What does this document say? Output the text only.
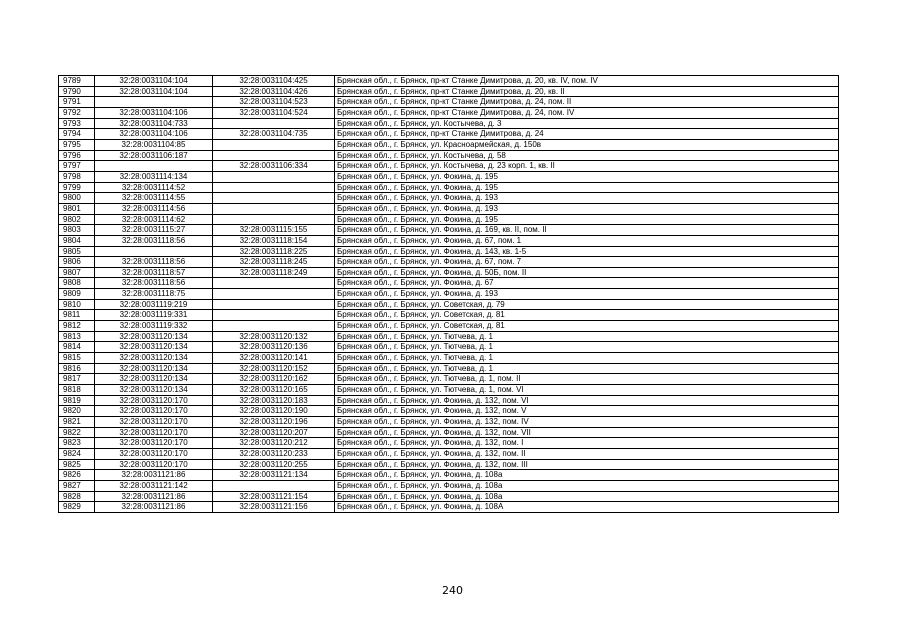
9789	32:28:0031104:104	32:28:0031104:425	Брянская обл., г. Брянск, пр-кт Станке Димитрова, д. 20, кв. IV, пом. IV
9790	32:28:0031104:104	32:28:0031104:426	Брянская обл., г. Брянск, пр-кт Станке Димитрова, д. 20, кв. II
9791		32:28:0031104:523	Брянская обл., г. Брянск, пр-кт Станке Димитрова, д. 24, пом. II
9792	32:28:0031104:106	32:28:0031104:524	Брянская обл., г. Брянск, пр-кт Станке Димитрова, д. 24, пом. IV
9793	32:28:0031104:733		Брянская обл., г. Брянск, ул. Костычева, д. 3
9794	32:28:0031104:106	32:28:0031104:735	Брянская обл., г. Брянск, пр-кт Станке Димитрова, д. 24
9795	32:28:0031104:85		Брянская обл., г. Брянск, ул. Красноармейская, д. 150в
9796	32:28:0031106:187		Брянская обл., г. Брянск, ул. Костычева, д. 58
9797		32:28:0031106:334	Брянская обл., г. Брянск, ул. Костычева, д. 23 корп. 1, кв. II
9798	32:28:0031114:134		Брянская обл., г. Брянск, ул. Фокина, д. 195
9799	32:28:0031114:52		Брянская обл., г. Брянск, ул. Фокина, д. 195
9800	32:28:0031114:55		Брянская обл., г. Брянск, ул. Фокина, д. 193
9801	32:28:0031114:56		Брянская обл., г. Брянск, ул. Фокина, д. 193
9802	32:28:0031114:62		Брянская обл., г. Брянск, ул. Фокина, д. 195
9803	32:28:0031115:27	32:28:0031115:155	Брянская обл., г. Брянск, ул. Фокина, д. 169, кв. II, пом. II
9804	32:28:0031118:56	32:28:0031118:154	Брянская обл., г. Брянск, ул. Фокина, д. 67, пом. 1
9805		32:28:0031118:225	Брянская обл., г. Брянск, ул. Фокина, д. 143, кв. 1-5
9806	32:28:0031118:56	32:28:0031118:245	Брянская обл., г. Брянск, ул. Фокина, д. 67, пом. 7
9807	32:28:0031118:57	32:28:0031118:249	Брянская обл., г. Брянск, ул. Фокина, д. 50Б, пом. II
9808	32:28:0031118:56		Брянская обл., г. Брянск, ул. Фокина, д. 67
9809	32:28:0031118:75		Брянская обл., г. Брянск, ул. Фокина, д. 193
9810	32:28:0031119:219		Брянская обл., г. Брянск, ул. Советская, д. 79
9811	32:28:0031119:331		Брянская обл., г. Брянск, ул. Советская, д. 81
9812	32:28:0031119:332		Брянская обл., г. Брянск, ул. Советская, д. 81
9813	32:28:0031120:134	32:28:0031120:132	Брянская обл., г. Брянск, ул. Тютчева, д. 1
9814	32:28:0031120:134	32:28:0031120:136	Брянская обл., г. Брянск, ул. Тютчева, д. 1
9815	32:28:0031120:134	32:28:0031120:141	Брянская обл., г. Брянск, ул. Тютчева, д. 1
9816	32:28:0031120:134	32:28:0031120:152	Брянская обл., г. Брянск, ул. Тютчева, д. 1
9817	32:28:0031120:134	32:28:0031120:162	Брянская обл., г. Брянск, ул. Тютчева, д. 1, пом. II
9818	32:28:0031120:134	32:28:0031120:165	Брянская обл., г. Брянск, ул. Тютчева, д. 1, пом. VI
9819	32:28:0031120:170	32:28:0031120:183	Брянская обл., г. Брянск, ул. Фокина, д. 132, пом. VI
9820	32:28:0031120:170	32:28:0031120:190	Брянская обл., г. Брянск, ул. Фокина, д. 132, пом. V
9821	32:28:0031120:170	32:28:0031120:196	Брянская обл., г. Брянск, ул. Фокина, д. 132, пом. IV
9822	32:28:0031120:170	32:28:0031120:207	Брянская обл., г. Брянск, ул. Фокина, д. 132, пом. VII
9823	32:28:0031120:170	32:28:0031120:212	Брянская обл., г. Брянск, ул. Фокина, д. 132, пом. I
9824	32:28:0031120:170	32:28:0031120:233	Брянская обл., г. Брянск, ул. Фокина, д. 132, пом. II
9825	32:28:0031120:170	32:28:0031120:255	Брянская обл., г. Брянск, ул. Фокина, д. 132, пом. III
9826	32:28:0031121:86	32:28:0031121:134	Брянская обл., г. Брянск, ул. Фокина, д. 108а
9827	32:28:0031121:142		Брянская обл., г. Брянск, ул. Фокина, д. 108а
9828	32:28:0031121:86	32:28:0031121:154	Брянская обл., г. Брянск, ул. Фокина, д. 108а
9829	32:28:0031121:86	32:28:0031121:156	Брянская обл., г. Брянск, ул. Фокина, д. 108А
240
